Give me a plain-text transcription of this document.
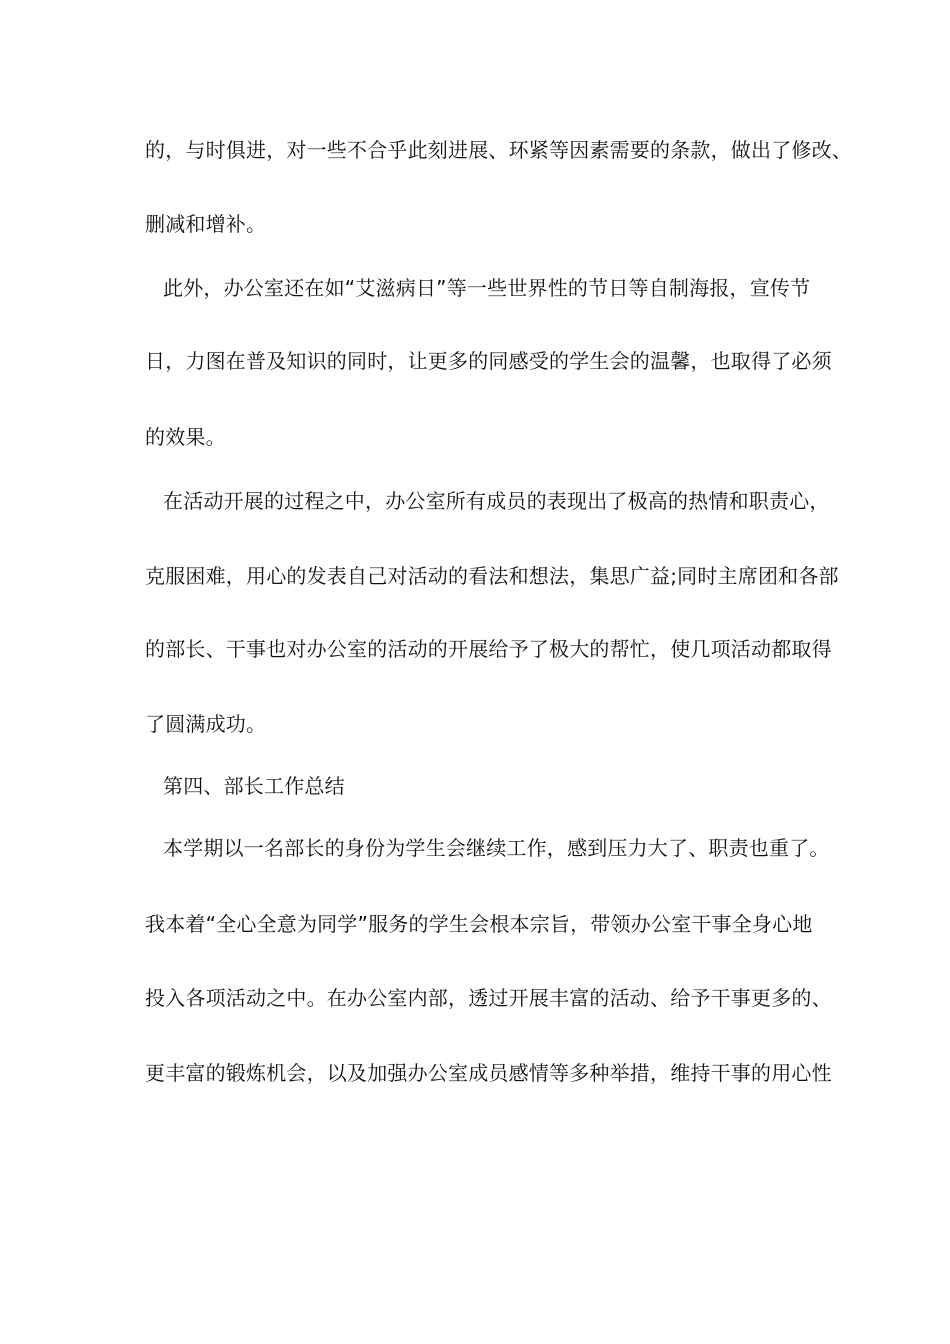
的，与时俱进，对一些不合乎此刻进展、环紧等因素需要的条款，做出了修改、
删减和增补。
此外，办公室还在如“艾滋病日”等一些世界性的节日等自制海报，宣传节
日，力图在普及知识的同时，让更多的同感受的学生会的温馨，也取得了必须
的效果。
在活动开展的过程之中，办公室所有成员的表现出了极高的热情和职责心，
克服困难，用心的发表自己对活动的看法和想法，集思广益;同时主席团和各部
的部长、干事也对办公室的活动的开展给予了极大的帮忙，使几项活动都取得
了圆满成功。
第四、部长工作总结
本学期以一名部长的身份为学生会继续工作，感到压力大了、职责也重了。
我本着“全心全意为同学”服务的学生会根本宗旨，带领办公室干事全身心地
投入各项活动之中。在办公室内部，透过开展丰富的活动、给予干事更多的、
更丰富的锻炼机会，以及加强办公室成员感情等多种举措，维持干事的用心性
